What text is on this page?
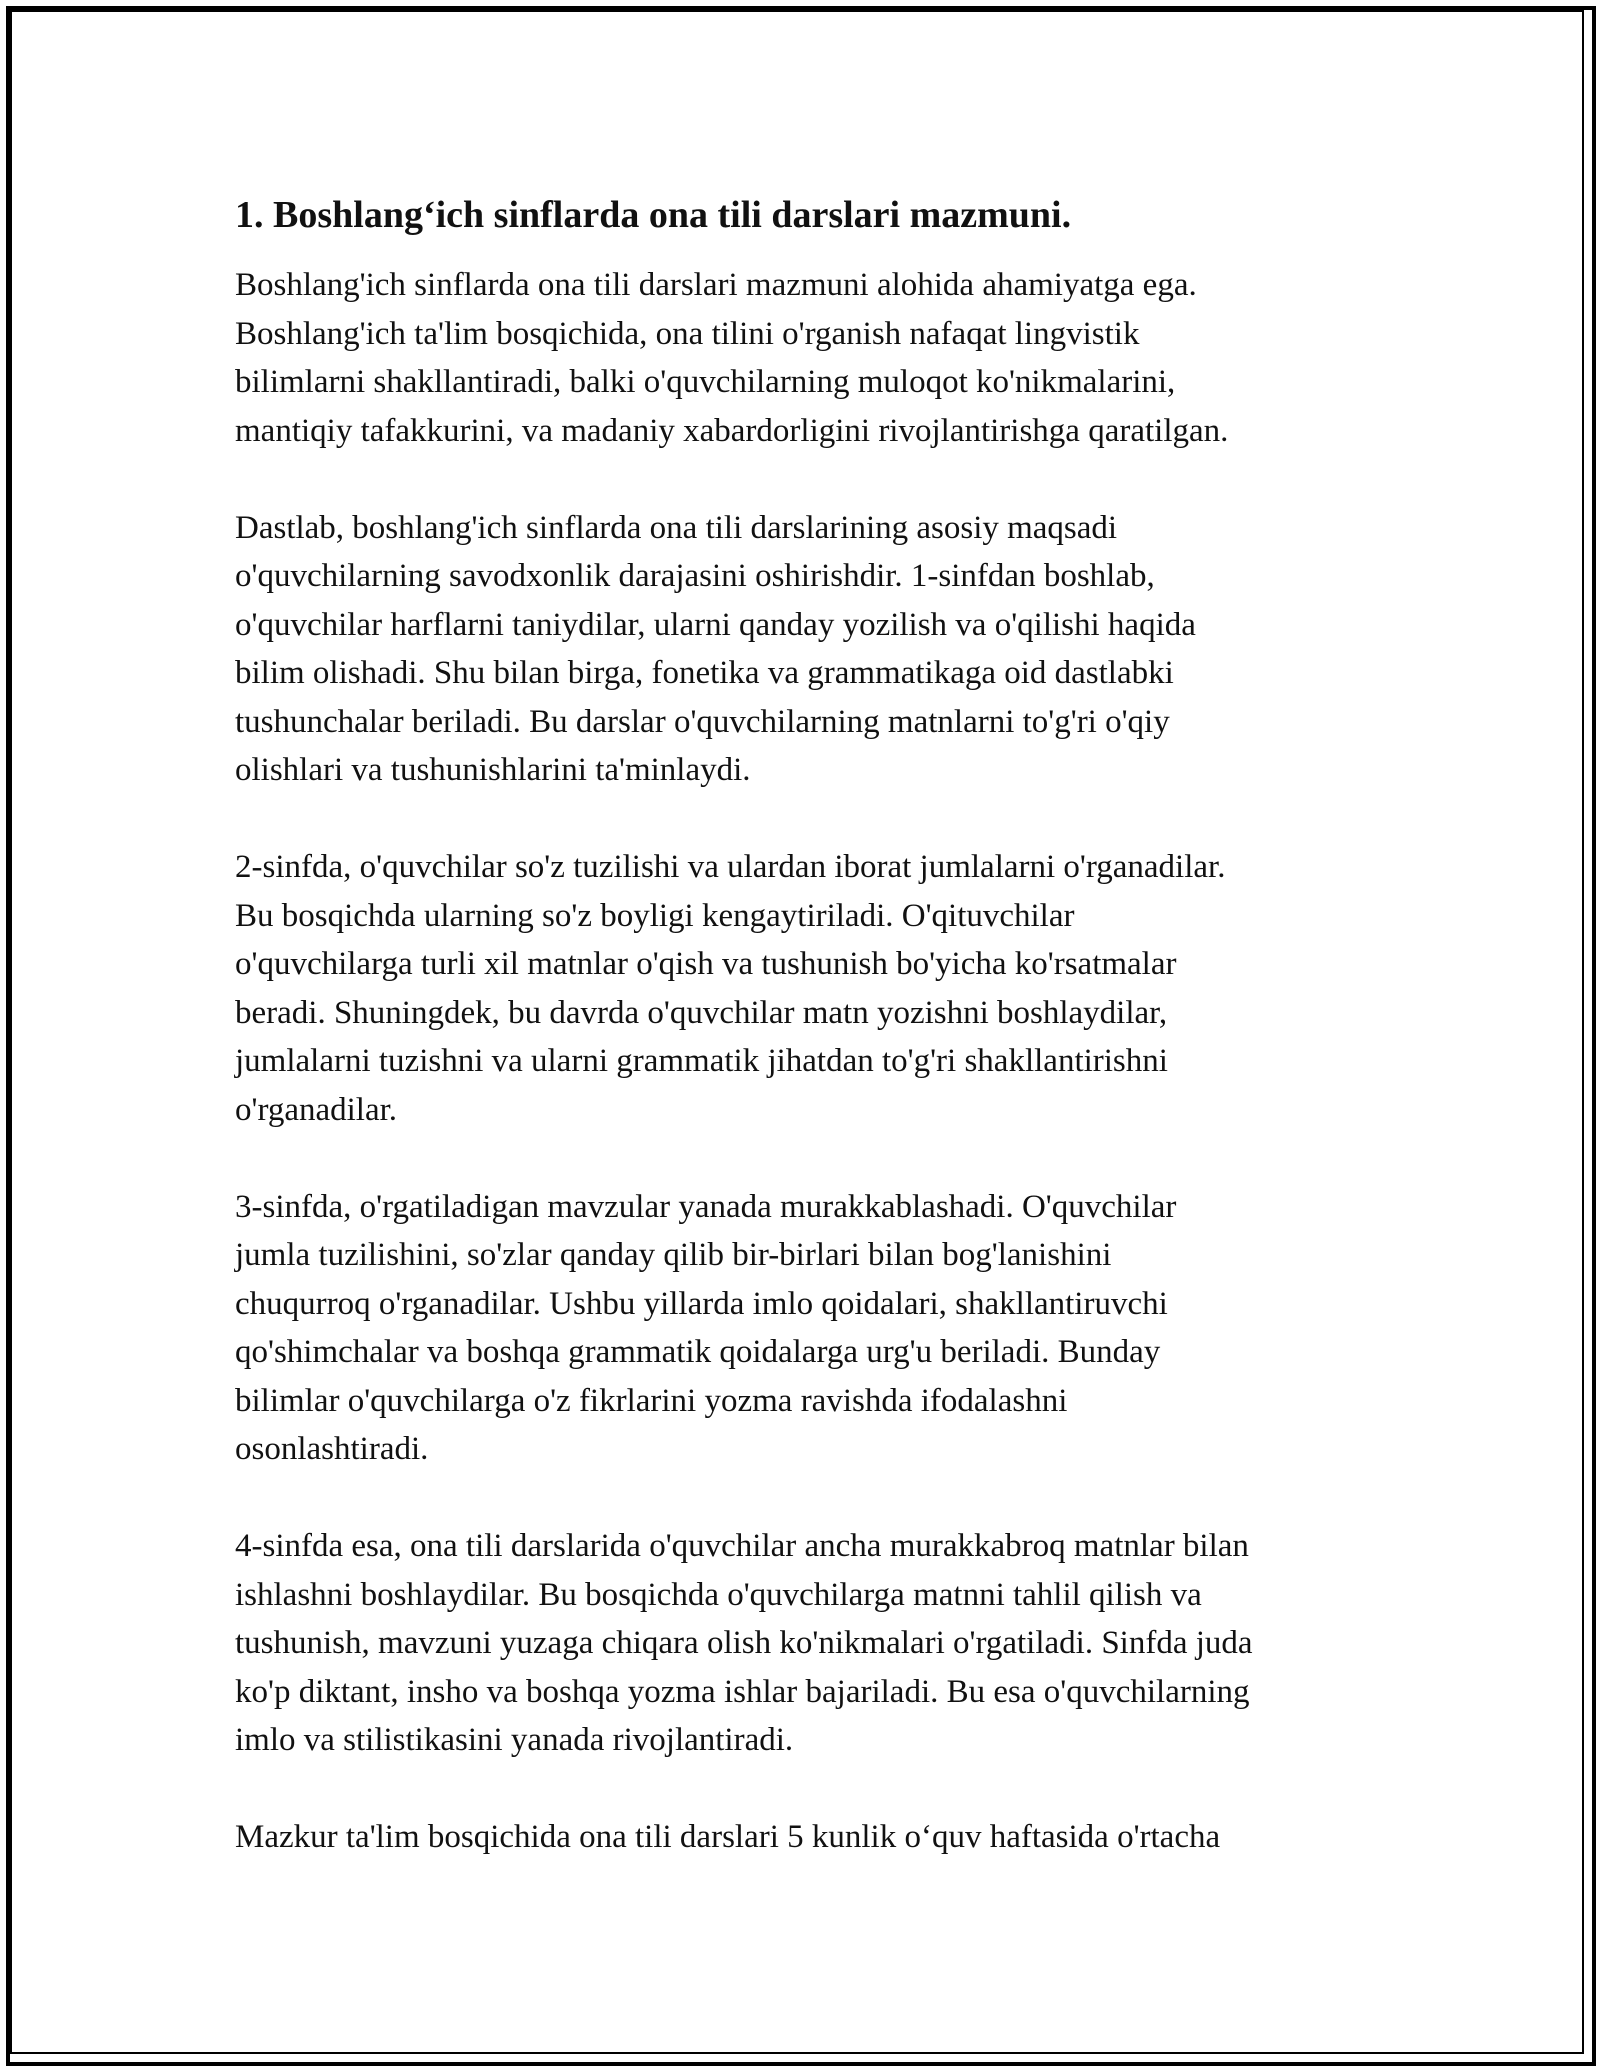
1. Boshlang‘ich sinflarda ona tili darslari mazmuni.

Boshlang'ich sinflarda ona tili darslari mazmuni alohida ahamiyatga ega.
Boshlang'ich ta'lim bosqichida, ona tilini o'rganish nafaqat lingvistik
bilimlarni shakllantiradi, balki o'quvchilarning muloqot ko'nikmalarini,
mantiqiy tafakkurini, va madaniy xabardorligini rivojlantirishga qaratilgan.

Dastlab, boshlang'ich sinflarda ona tili darslarining asosiy maqsadi
o'quvchilarning savodxonlik darajasini oshirishdir. 1-sinfdan boshlab,
o'quvchilar harflarni taniydilar, ularni qanday yozilish va o'qilishi haqida
bilim olishadi. Shu bilan birga, fonetika va grammatikaga oid dastlabki
tushunchalar beriladi. Bu darslar o'quvchilarning matnlarni to'g'ri o'qiy
olishlari va tushunishlarini ta'minlaydi.

2-sinfda, o'quvchilar so'z tuzilishi va ulardan iborat jumlalarni o'rganadilar.
Bu bosqichda ularning so'z boyligi kengaytiriladi. O'qituvchilar
o'quvchilarga turli xil matnlar o'qish va tushunish bo'yicha ko'rsatmalar
beradi. Shuningdek, bu davrda o'quvchilar matn yozishni boshlaydilar,
jumlalarni tuzishni va ularni grammatik jihatdan to'g'ri shakllantirishni
o'rganadilar.

3-sinfda, o'rgatiladigan mavzular yanada murakkablashadi. O'quvchilar
jumla tuzilishini, so'zlar qanday qilib bir-birlari bilan bog'lanishini
chuqurroq o'rganadilar. Ushbu yillarda imlo qoidalari, shakllantiruvchi
qo'shimchalar va boshqa grammatik qoidalarga urg'u beriladi. Bunday
bilimlar o'quvchilarga o'z fikrlarini yozma ravishda ifodalashni
osonlashtiradi.

4-sinfda esa, ona tili darslarida o'quvchilar ancha murakkabroq matnlar bilan
ishlashni boshlaydilar. Bu bosqichda o'quvchilarga matnni tahlil qilish va
tushunish, mavzuni yuzaga chiqara olish ko'nikmalari o'rgatiladi. Sinfda juda
ko'p diktant, insho va boshqa yozma ishlar bajariladi. Bu esa o'quvchilarning
imlo va stilistikasini yanada rivojlantiradi.

Mazkur ta'lim bosqichida ona tili darslari 5 kunlik o‘quv haftasida o'rtacha
